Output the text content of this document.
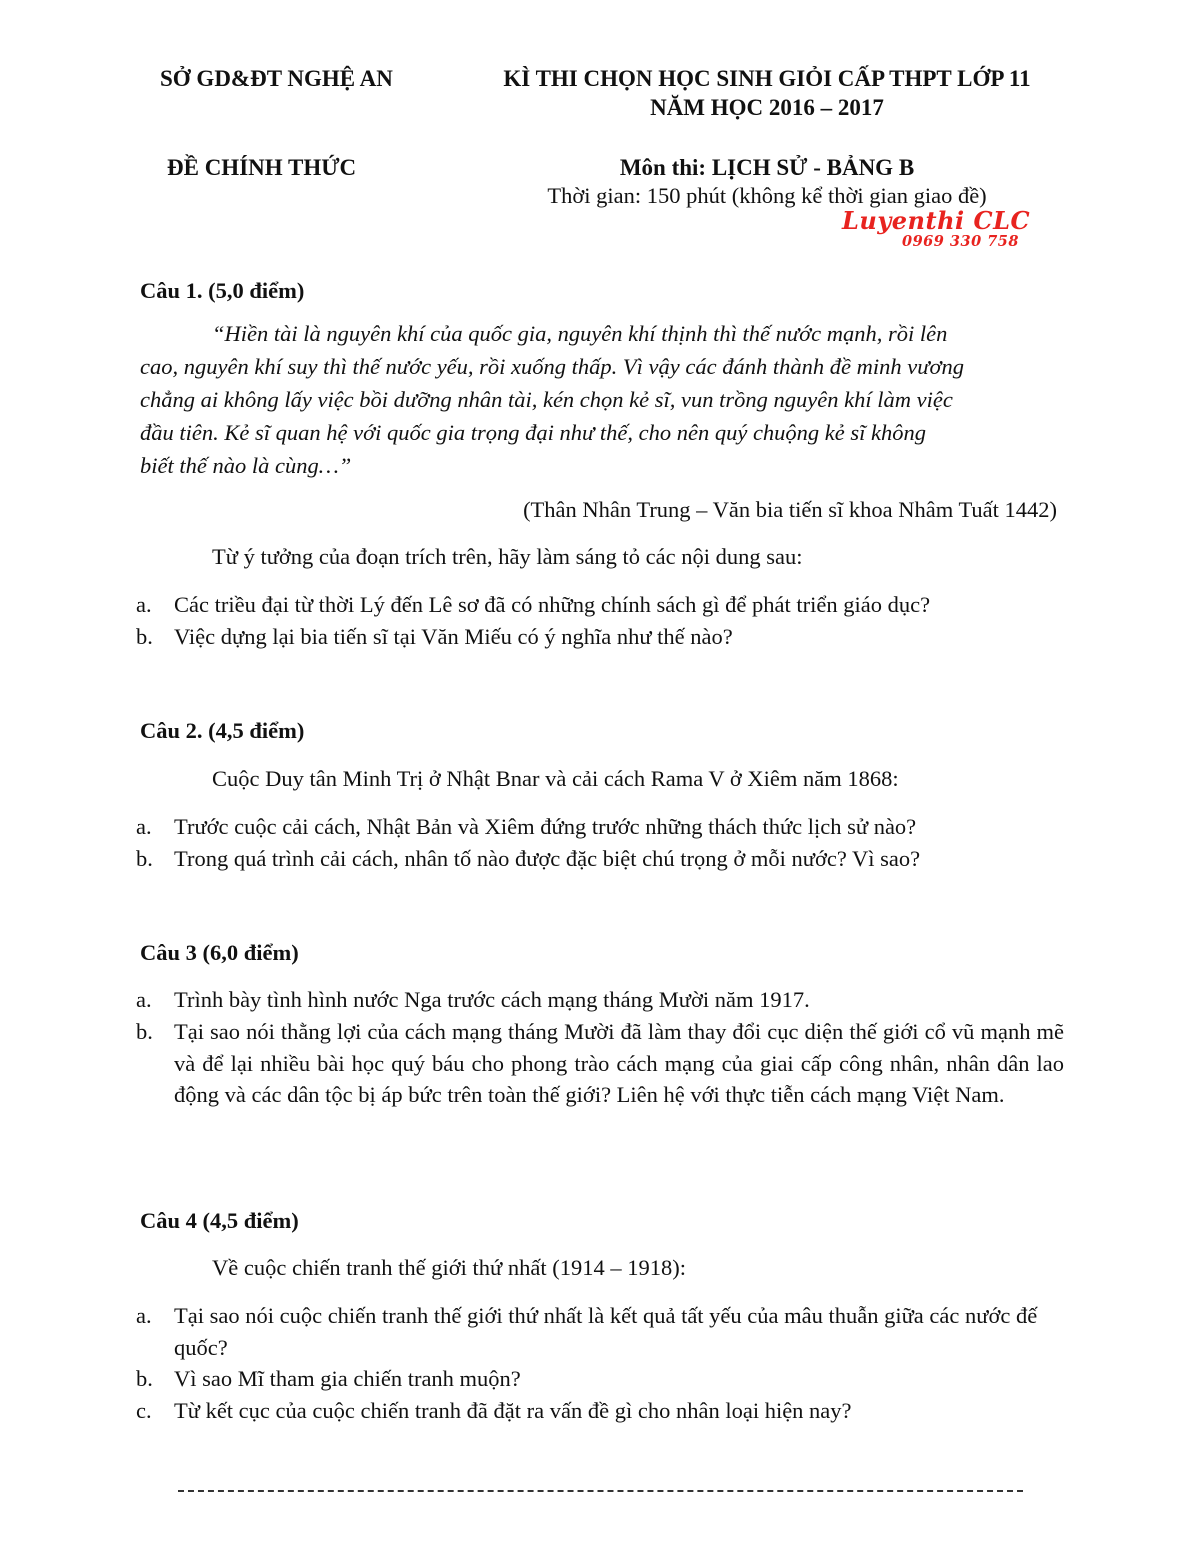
SỞ GD&ĐT NGHỆ AN	KÌ THI CHỌN HỌC SINH GIỎI CẤP THPT LỚP 11
NĂM HỌC 2016 – 2017
ĐỀ CHÍNH THỨC	Môn thi: LỊCH SỬ - BẢNG B
Thời gian: 150 phút (không kể thời gian giao đề)
Luyenthi CLC
0969 330 758
Câu 1. (5,0 điểm)
“Hiền tài là nguyên khí của quốc gia, nguyên khí thịnh thì thế nước mạnh, rồi lên
cao, nguyên khí suy thì thế nước yếu, rồi xuống thấp. Vì vậy các đánh thành đề minh vương
chẳng ai không lấy việc bồi dưỡng nhân tài, kén chọn kẻ sĩ, vun trồng nguyên khí làm việc
đầu tiên. Kẻ sĩ quan hệ với quốc gia trọng đại như thế, cho nên quý chuộng kẻ sĩ không
biết thế nào là cùng…”
(Thân Nhân Trung – Văn bia tiến sĩ khoa Nhâm Tuất 1442)
Từ ý tưởng của đoạn trích trên, hãy làm sáng tỏ các nội dung sau:
a. Các triều đại từ thời Lý đến Lê sơ đã có những chính sách gì để phát triển giáo dục?
b. Việc dựng lại bia tiến sĩ tại Văn Miếu có ý nghĩa như thế nào?
Câu 2. (4,5 điểm)
Cuộc Duy tân Minh Trị ở Nhật Bnar và cải cách Rama V ở Xiêm năm 1868:
a. Trước cuộc cải cách, Nhật Bản và Xiêm đứng trước những thách thức lịch sử nào?
b. Trong quá trình cải cách, nhân tố nào được đặc biệt chú trọng ở mỗi nước? Vì sao?
Câu 3 (6,0 điểm)
a. Trình bày tình hình nước Nga trước cách mạng tháng Mười năm 1917.
b. Tại sao nói thằng lợi của cách mạng tháng Mười đã làm thay đổi cục diện thế giới cổ vũ mạnh mẽ và để lại nhiều bài học quý báu cho phong trào cách mạng của giai cấp công nhân, nhân dân lao động và các dân tộc bị áp bức trên toàn thế giới? Liên hệ với thực tiễn cách mạng Việt Nam.
Câu 4 (4,5 điểm)
Về cuộc chiến tranh thế giới thứ nhất (1914 – 1918):
a. Tại sao nói cuộc chiến tranh thế giới thứ nhất là kết quả tất yếu của mâu thuẫn giữa các nước đế quốc?
b. Vì sao Mĩ tham gia chiến tranh muộn?
c. Từ kết cục của cuộc chiến tranh đã đặt ra vấn đề gì cho nhân loại hiện nay?
